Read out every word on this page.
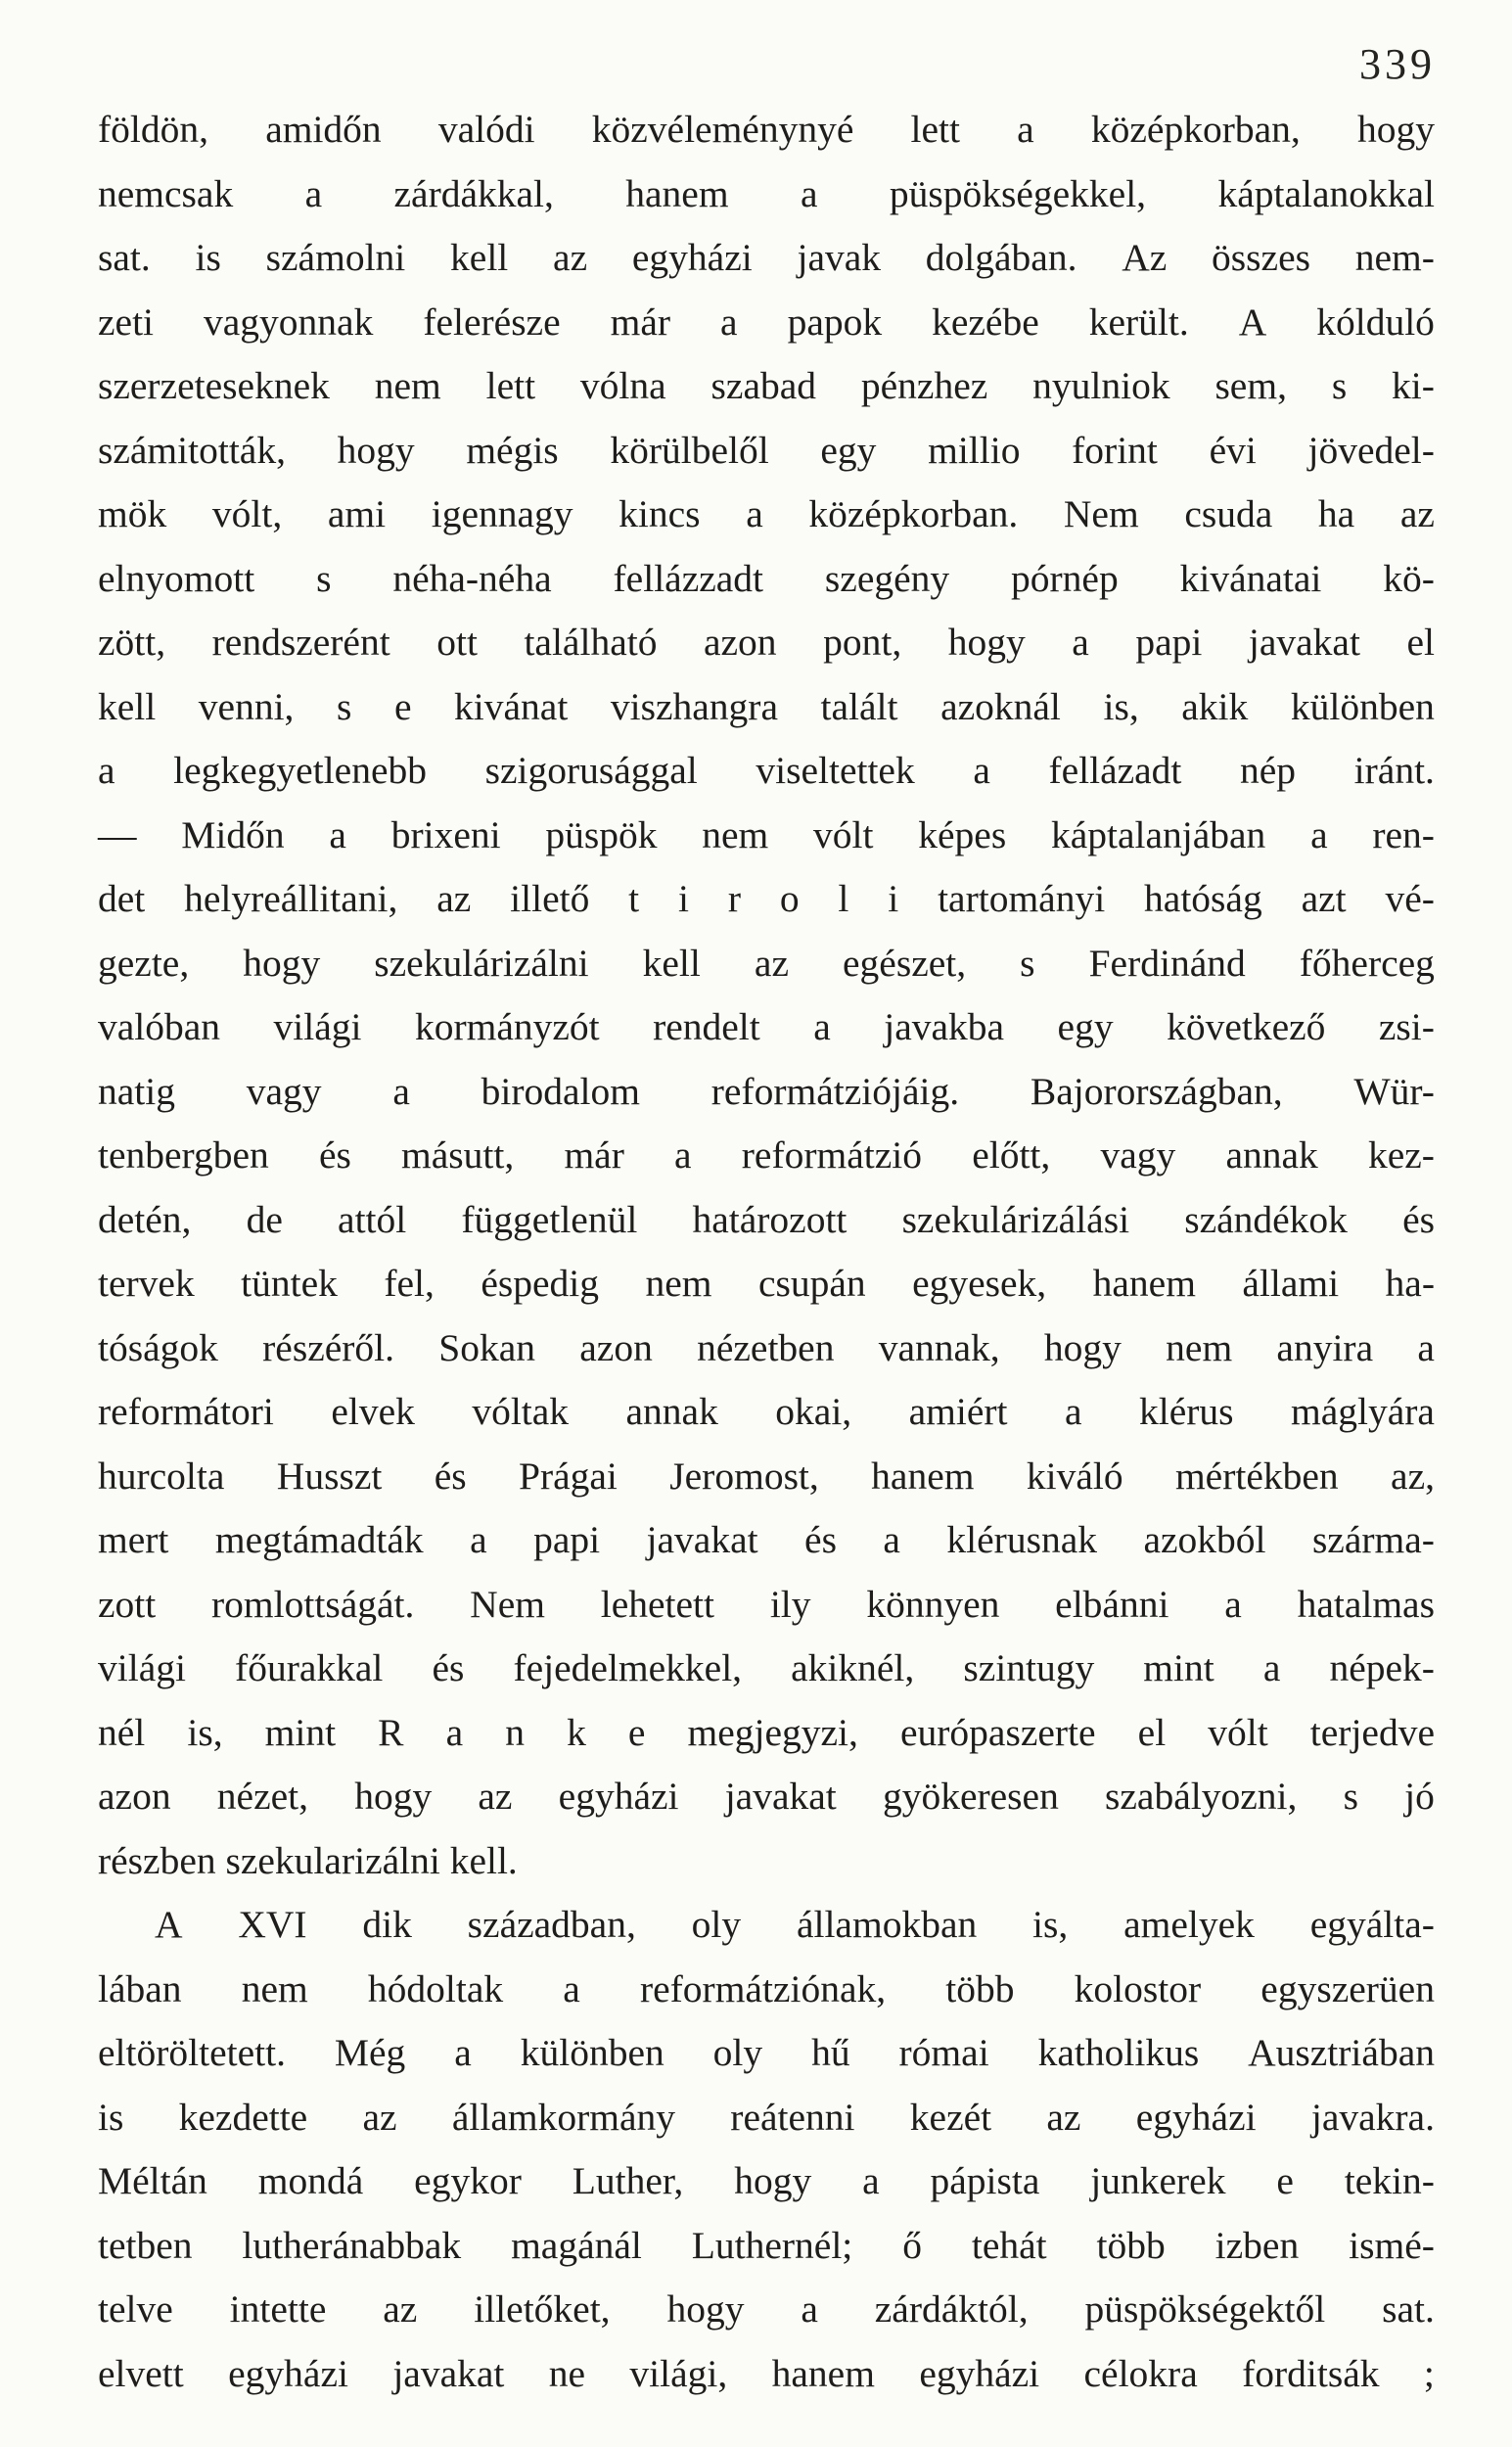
339
földön, amidőn valódi közvéleménynyé lett a középkorban, hogy
nemcsak a zárdákkal, hanem a püspökségekkel, káptalanokkal
sat. is számolni kell az egyházi javak dolgában. Az összes nem-
zeti vagyonnak felerésze már a papok kezébe került. A kólduló
szerzeteseknek nem lett vólna szabad pénzhez nyulniok sem, s ki-
számitották, hogy mégis körülbelől egy millio forint évi jövedel-
mök vólt, ami igennagy kincs a középkorban. Nem csuda ha az
elnyomott s néha-néha fellázzadt szegény pórnép kivánatai kö-
zött, rendszerént ott található azon pont, hogy a papi javakat el
kell venni, s e kivánat viszhangra talált azoknál is, akik különben
a legkegyetlenebb szigorusággal viseltettek a fellázadt nép iránt.
— Midőn a brixeni püspök nem vólt képes káptalanjában a ren-
det helyreállitani, az illető t i r o l i tartományi hatóság azt vé-
gezte, hogy szekulárizálni kell az egészet, s Ferdinánd főherceg
valóban világi kormányzót rendelt a javakba egy következő zsi-
natig vagy a birodalom reformátziójáig. Bajorországban, Wür-
tenbergben és másutt, már a reformátzió előtt, vagy annak kez-
detén, de attól függetlenül határozott szekulárizálási szándékok és
tervek tüntek fel, éspedig nem csupán egyesek, hanem állami ha-
tóságok részéről. Sokan azon nézetben vannak, hogy nem anyira a
reformátori elvek vóltak annak okai, amiért a klérus máglyára
hurcolta Husszt és Prágai Jeromost, hanem kiváló mértékben az,
mert megtámadták a papi javakat és a klérusnak azokból szárma-
zott romlottságát. Nem lehetett ily könnyen elbánni a hatalmas
világi főurakkal és fejedelmekkel, akiknél, szintugy mint a népek-
nél is, mint R a n k e megjegyzi, európaszerte el vólt terjedve
azon nézet, hogy az egyházi javakat gyökeresen szabályozni, s jó
részben szekularizálni kell.
A XVI dik században, oly államokban is, amelyek egyálta-
lában nem hódoltak a reformátziónak, több kolostor egyszerüen
eltöröltetett. Még a különben oly hű római katholikus Ausztriában
is kezdette az államkormány reátenni kezét az egyházi javakra.
Méltán mondá egykor Luther, hogy a pápista junkerek e tekin-
tetben lutheránabbak magánál Luthernél; ő tehát több izben ismé-
telve intette az illetőket, hogy a zárdáktól, püspökségektől sat.
elvett egyházi javakat ne világi, hanem egyházi célokra forditsák ;
